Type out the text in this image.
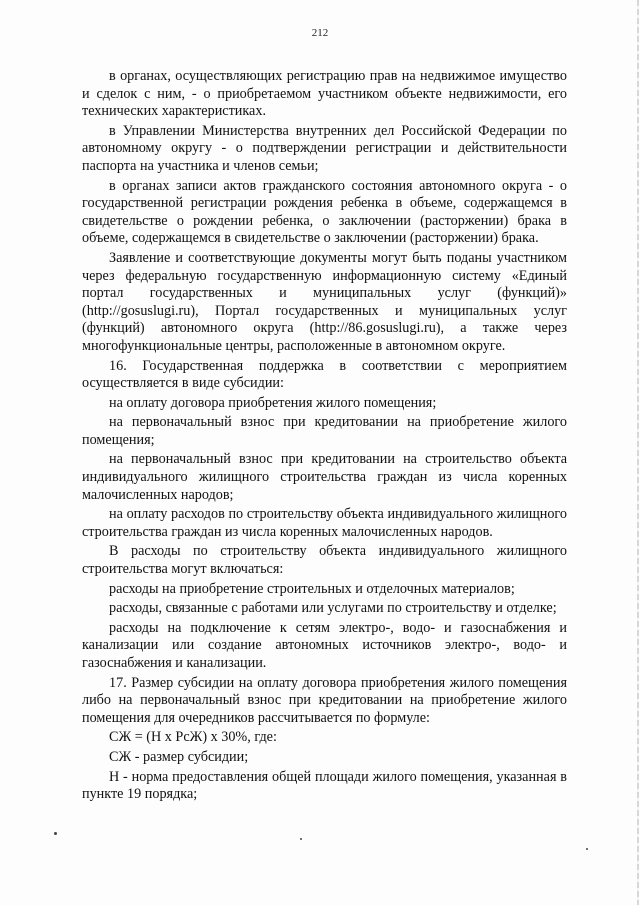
212

в органах, осуществляющих регистрацию прав на недвижимое имущество и сделок с ним, - о приобретаемом участником объекте недвижимости, его технических характеристиках.

в Управлении Министерства внутренних дел Российской Федерации по автономному округу - о подтверждении регистрации и действительности паспорта на участника и членов семьи;

в органах записи актов гражданского состояния автономного округа - о государственной регистрации рождения ребенка в объеме, содержащемся в свидетельстве о рождении ребенка, о заключении (расторжении) брака в объеме, содержащемся в свидетельстве о заключении (расторжении) брака.

Заявление и соответствующие документы могут быть поданы участником через федеральную государственную информационную систему «Единый портал государственных и муниципальных услуг (функций)» (http://gosuslugi.ru), Портал государственных и муниципальных услуг (функций) автономного округа (http://86.gosuslugi.ru), а также через многофункциональные центры, расположенные в автономном округе.

16. Государственная поддержка в соответствии с мероприятием осуществляется в виде субсидии:

на оплату договора приобретения жилого помещения;

на первоначальный взнос при кредитовании на приобретение жилого помещения;

на первоначальный взнос при кредитовании на строительство объекта индивидуального жилищного строительства граждан из числа коренных малочисленных народов;

на оплату расходов по строительству объекта индивидуального жилищного строительства граждан из числа коренных малочисленных народов.

В расходы по строительству объекта индивидуального жилищного строительства могут включаться:

расходы на приобретение строительных и отделочных материалов;

расходы, связанные с работами или услугами по строительству и отделке;

расходы на подключение к сетям электро-, водо- и газоснабжения и канализации или создание автономных источников электро-, водо- и газоснабжения и канализации.

17. Размер субсидии на оплату договора приобретения жилого помещения либо на первоначальный взнос при кредитовании на приобретение жилого помещения для очередников рассчитывается по формуле:

СЖ = (Н х РсЖ) х 30%, где:

СЖ - размер субсидии;

Н - норма предоставления общей площади жилого помещения, указанная в пункте 19 порядка;
